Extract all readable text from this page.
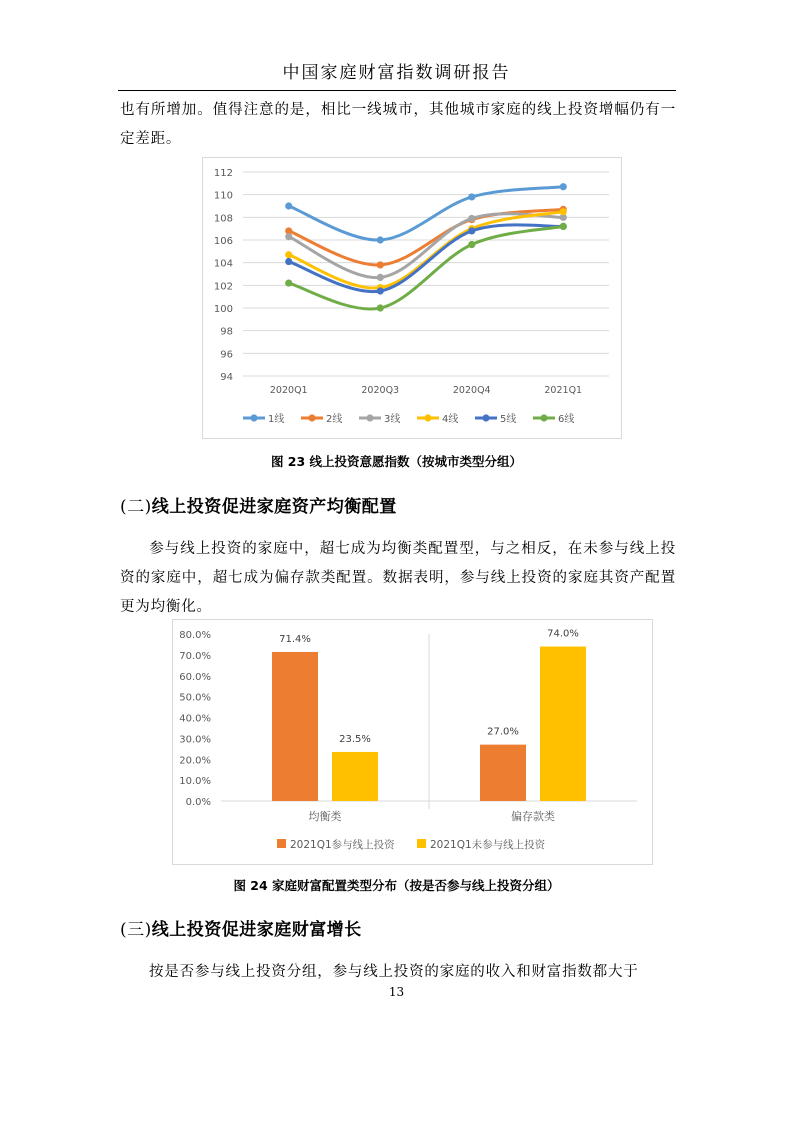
中国家庭财富指数调研报告
也有所增加。值得注意的是，相比一线城市，其他城市家庭的线上投资增幅仍有一定差距。
94
96
98
100
102
104
106
108
110
112
2020Q1	2020Q3	2020Q4	2021Q1
1线	2线	3线	4线	5线	6线
图 23 线上投资意愿指数（按城市类型分组）
(二)线上投资促进家庭资产均衡配置
参与线上投资的家庭中，超七成为均衡类配置型，与之相反，在未参与线上投资的家庭中，超七成为偏存款类配置。数据表明，参与线上投资的家庭其资产配置更为均衡化。
0.0%
10.0%
20.0%
30.0%
40.0%
50.0%
60.0%
70.0%
80.0%
均衡类
71.4%
23.5%
偏存款类
27.0%
74.0%
2021Q1参与线上投资	2021Q1未参与线上投资
图 24 家庭财富配置类型分布（按是否参与线上投资分组）
(三)线上投资促进家庭财富增长
按是否参与线上投资分组，参与线上投资的家庭的收入和财富指数都大于
13
